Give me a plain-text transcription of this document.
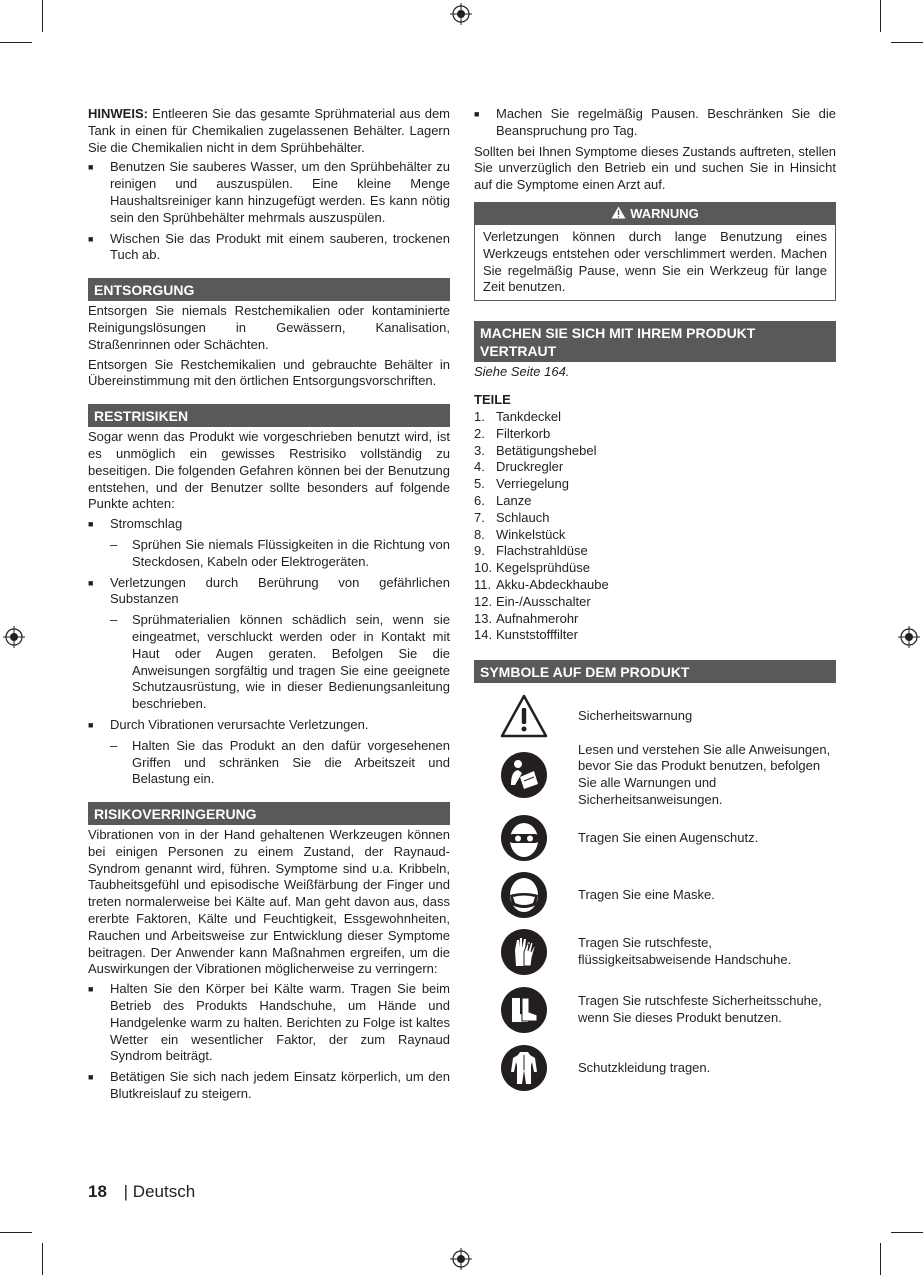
HINWEIS: Entleeren Sie das gesamte Sprühmaterial aus dem Tank in einen für Chemikalien zugelassenen Behälter. Lagern Sie die Chemikalien nicht in dem Sprühbehälter.

■ Benutzen Sie sauberes Wasser, um den Sprühbehälter zu reinigen und auszuspülen. Eine kleine Menge Haushaltsreiniger kann hinzugefügt werden. Es kann nötig sein den Sprühbehälter mehrmals auszuspülen.
■ Wischen Sie das Produkt mit einem sauberen, trockenen Tuch ab.
ENTSORGUNG

Entsorgen Sie niemals Restchemikalien oder kontaminierte Reinigungslösungen in Gewässern, Kanalisation, Straßenrinnen oder Schächten.

Entsorgen Sie Restchemikalien und gebrauchte Behälter in Übereinstimmung mit den örtlichen Entsorgungsvorschriften.

RESTRISIKEN

Sogar wenn das Produkt wie vorgeschrieben benutzt wird, ist es unmöglich ein gewisses Restrisiko vollständig zu beseitigen. Die folgenden Gefahren können bei der Benutzung entstehen, und der Benutzer sollte besonders auf folgende Punkte achten:

■ Stromschlag
– Sprühen Sie niemals Flüssigkeiten in die Richtung von Steckdosen, Kabeln oder Elektrogeräten.
■ Verletzungen durch Berührung von gefährlichen Substanzen
– Sprühmaterialien können schädlich sein, wenn sie eingeatmet, verschluckt werden oder in Kontakt mit Haut oder Augen geraten. Befolgen Sie die Anweisungen sorgfältig und tragen Sie eine geeignete Schutzausrüstung, wie in dieser Bedienungsanleitung beschrieben.
■ Durch Vibrationen verursachte Verletzungen.
– Halten Sie das Produkt an den dafür vorgesehenen Griffen und schränken Sie die Arbeitszeit und Belastung ein.
RISIKOVERRINGERUNG

Vibrationen von in der Hand gehaltenen Werkzeugen können bei einigen Personen zu einem Zustand, der Raynaud-Syndrom genannt wird, führen. Symptome sind u.a. Kribbeln, Taubheitsgefühl und episodische Weißfärbung der Finger und treten normalerweise bei Kälte auf. Man geht davon aus, dass ererbte Faktoren, Kälte und Feuchtigkeit, Essgewohnheiten, Rauchen und Arbeitsweise zur Entwicklung dieser Symptome beitragen. Der Anwender kann Maßnahmen ergreifen, um die Auswirkungen der Vibrationen möglicherweise zu verringern:

■ Halten Sie den Körper bei Kälte warm. Tragen Sie beim Betrieb des Produkts Handschuhe, um Hände und Handgelenke warm zu halten. Berichten zu Folge ist kaltes Wetter ein wesentlicher Faktor, der zum Raynaud Syndrom beiträgt.
■ Betätigen Sie sich nach jedem Einsatz körperlich, um den Blutkreislauf zu steigern.
■ Machen Sie regelmäßig Pausen. Beschränken Sie die Beanspruchung pro Tag.

Sollten bei Ihnen Symptome dieses Zustands auftreten, stellen Sie unverzüglich den Betrieb ein und suchen Sie in Hinsicht auf die Symptome einen Arzt auf.

WARNUNG
Verletzungen können durch lange Benutzung eines Werkzeugs entstehen oder verschlimmert werden. Machen Sie regelmäßig Pause, wenn Sie ein Werkzeug für lange Zeit benutzen.
MACHEN SIE SICH MIT IHREM PRODUKT VERTRAUT

Siehe Seite 164.

TEILE
1. Tankdeckel
2. Filterkorb
3. Betätigungshebel
4. Druckregler
5. Verriegelung
6. Lanze
7. Schlauch
8. Winkelstück
9. Flachstrahldüse
10. Kegelsprühdüse
11. Akku-Abdeckhaube
12. Ein-/Ausschalter
13. Aufnahmerohr
14. Kunststofffilter
SYMBOLE AUF DEM PRODUKT
Sicherheitswarnung
Lesen und verstehen Sie alle Anweisungen, bevor Sie das Produkt benutzen, befolgen Sie alle Warnungen und Sicherheitsanweisungen.
Tragen Sie einen Augenschutz.
Tragen Sie eine Maske.
Tragen Sie rutschfeste, flüssigkeitsabweisende Handschuhe.
Tragen Sie rutschfeste Sicherheitsschuhe, wenn Sie dieses Produkt benutzen.
Schutzkleidung tragen.
18 | Deutsch
